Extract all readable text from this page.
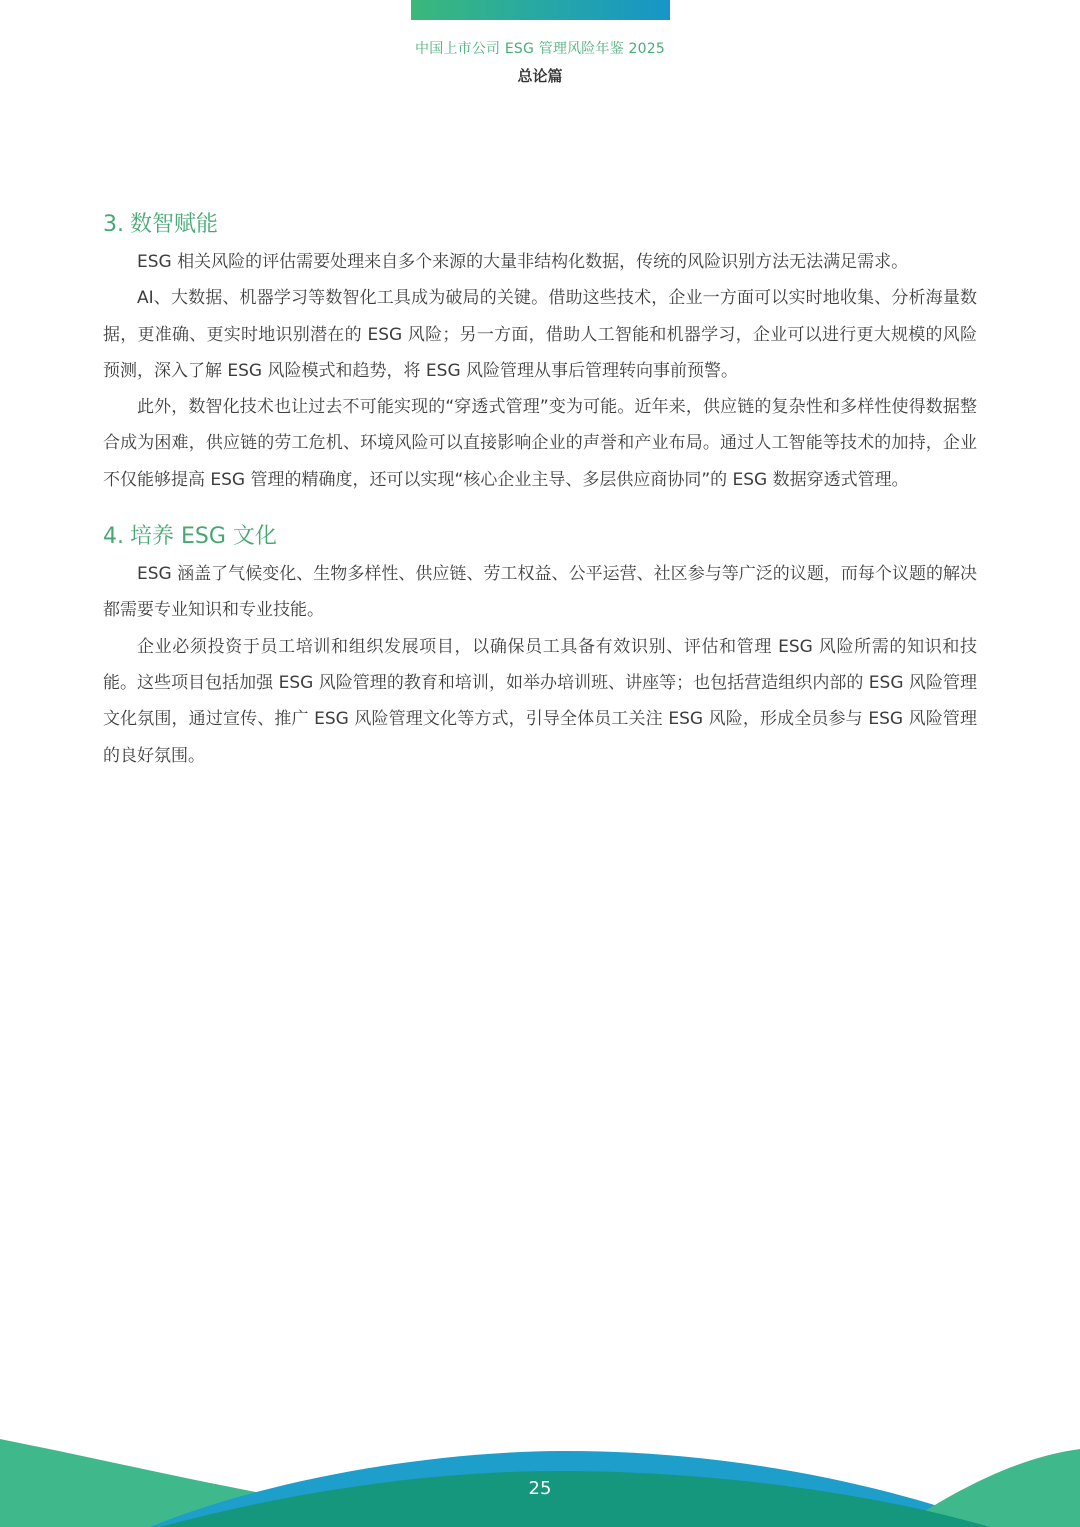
中国上市公司 ESG 管理风险年鉴 2025
总论篇
3. 数智赋能

ESG 相关风险的评估需要处理来自多个来源的大量非结构化数据，传统的风险识别方法无法满足需求。

AI、大数据、机器学习等数智化工具成为破局的关键。借助这些技术，企业一方面可以实时地收集、分析海量数据，更准确、更实时地识别潜在的 ESG 风险；另一方面，借助人工智能和机器学习，企业可以进行更大规模的风险预测，深入了解 ESG 风险模式和趋势，将 ESG 风险管理从事后管理转向事前预警。

此外，数智化技术也让过去不可能实现的“穿透式管理”变为可能。近年来，供应链的复杂性和多样性使得数据整合成为困难，供应链的劳工危机、环境风险可以直接影响企业的声誉和产业布局。通过人工智能等技术的加持，企业不仅能够提高 ESG 管理的精确度，还可以实现“核心企业主导、多层供应商协同”的 ESG 数据穿透式管理。

4. 培养 ESG 文化

ESG 涵盖了气候变化、生物多样性、供应链、劳工权益、公平运营、社区参与等广泛的议题，而每个议题的解决都需要专业知识和专业技能。

企业必须投资于员工培训和组织发展项目，以确保员工具备有效识别、评估和管理 ESG 风险所需的知识和技能。这些项目包括加强 ESG 风险管理的教育和培训，如举办培训班、讲座等；也包括营造组织内部的 ESG 风险管理文化氛围，通过宣传、推广 ESG 风险管理文化等方式，引导全体员工关注 ESG 风险，形成全员参与 ESG 风险管理的良好氛围。

25
